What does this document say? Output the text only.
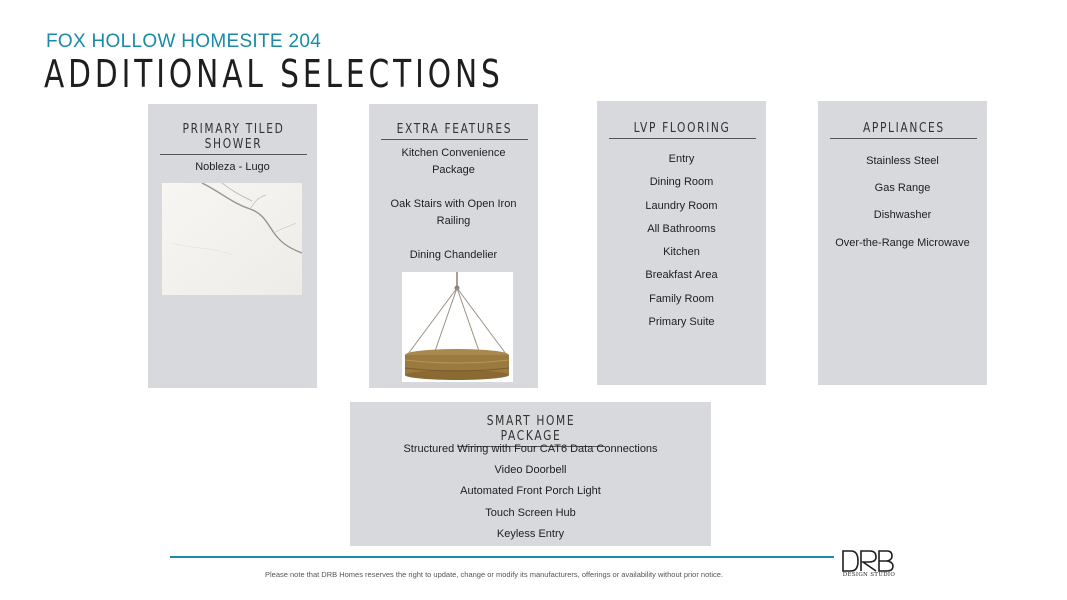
FOX HOLLOW HOMESITE 204
ADDITIONAL SELECTIONS
PRIMARY TILED SHOWER
Nobleza - Lugo
EXTRA FEATURES
Kitchen Convenience Package
Oak Stairs with Open Iron Railing
Dining Chandelier
LVP FLOORING
Entry
Dining Room
Laundry Room
All Bathrooms
Kitchen
Breakfast Area
Family Room
Primary Suite
APPLIANCES
Stainless Steel
Gas Range
Dishwasher
Over-the-Range Microwave
SMART HOME PACKAGE
Structured Wiring with Four CAT6 Data Connections
Video Doorbell
Automated Front Porch Light
Touch Screen Hub
Keyless Entry
Please note that DRB Homes reserves the right to update, change or modify its manufacturers, offerings or availability without prior notice.	DESIGN STUDIO
